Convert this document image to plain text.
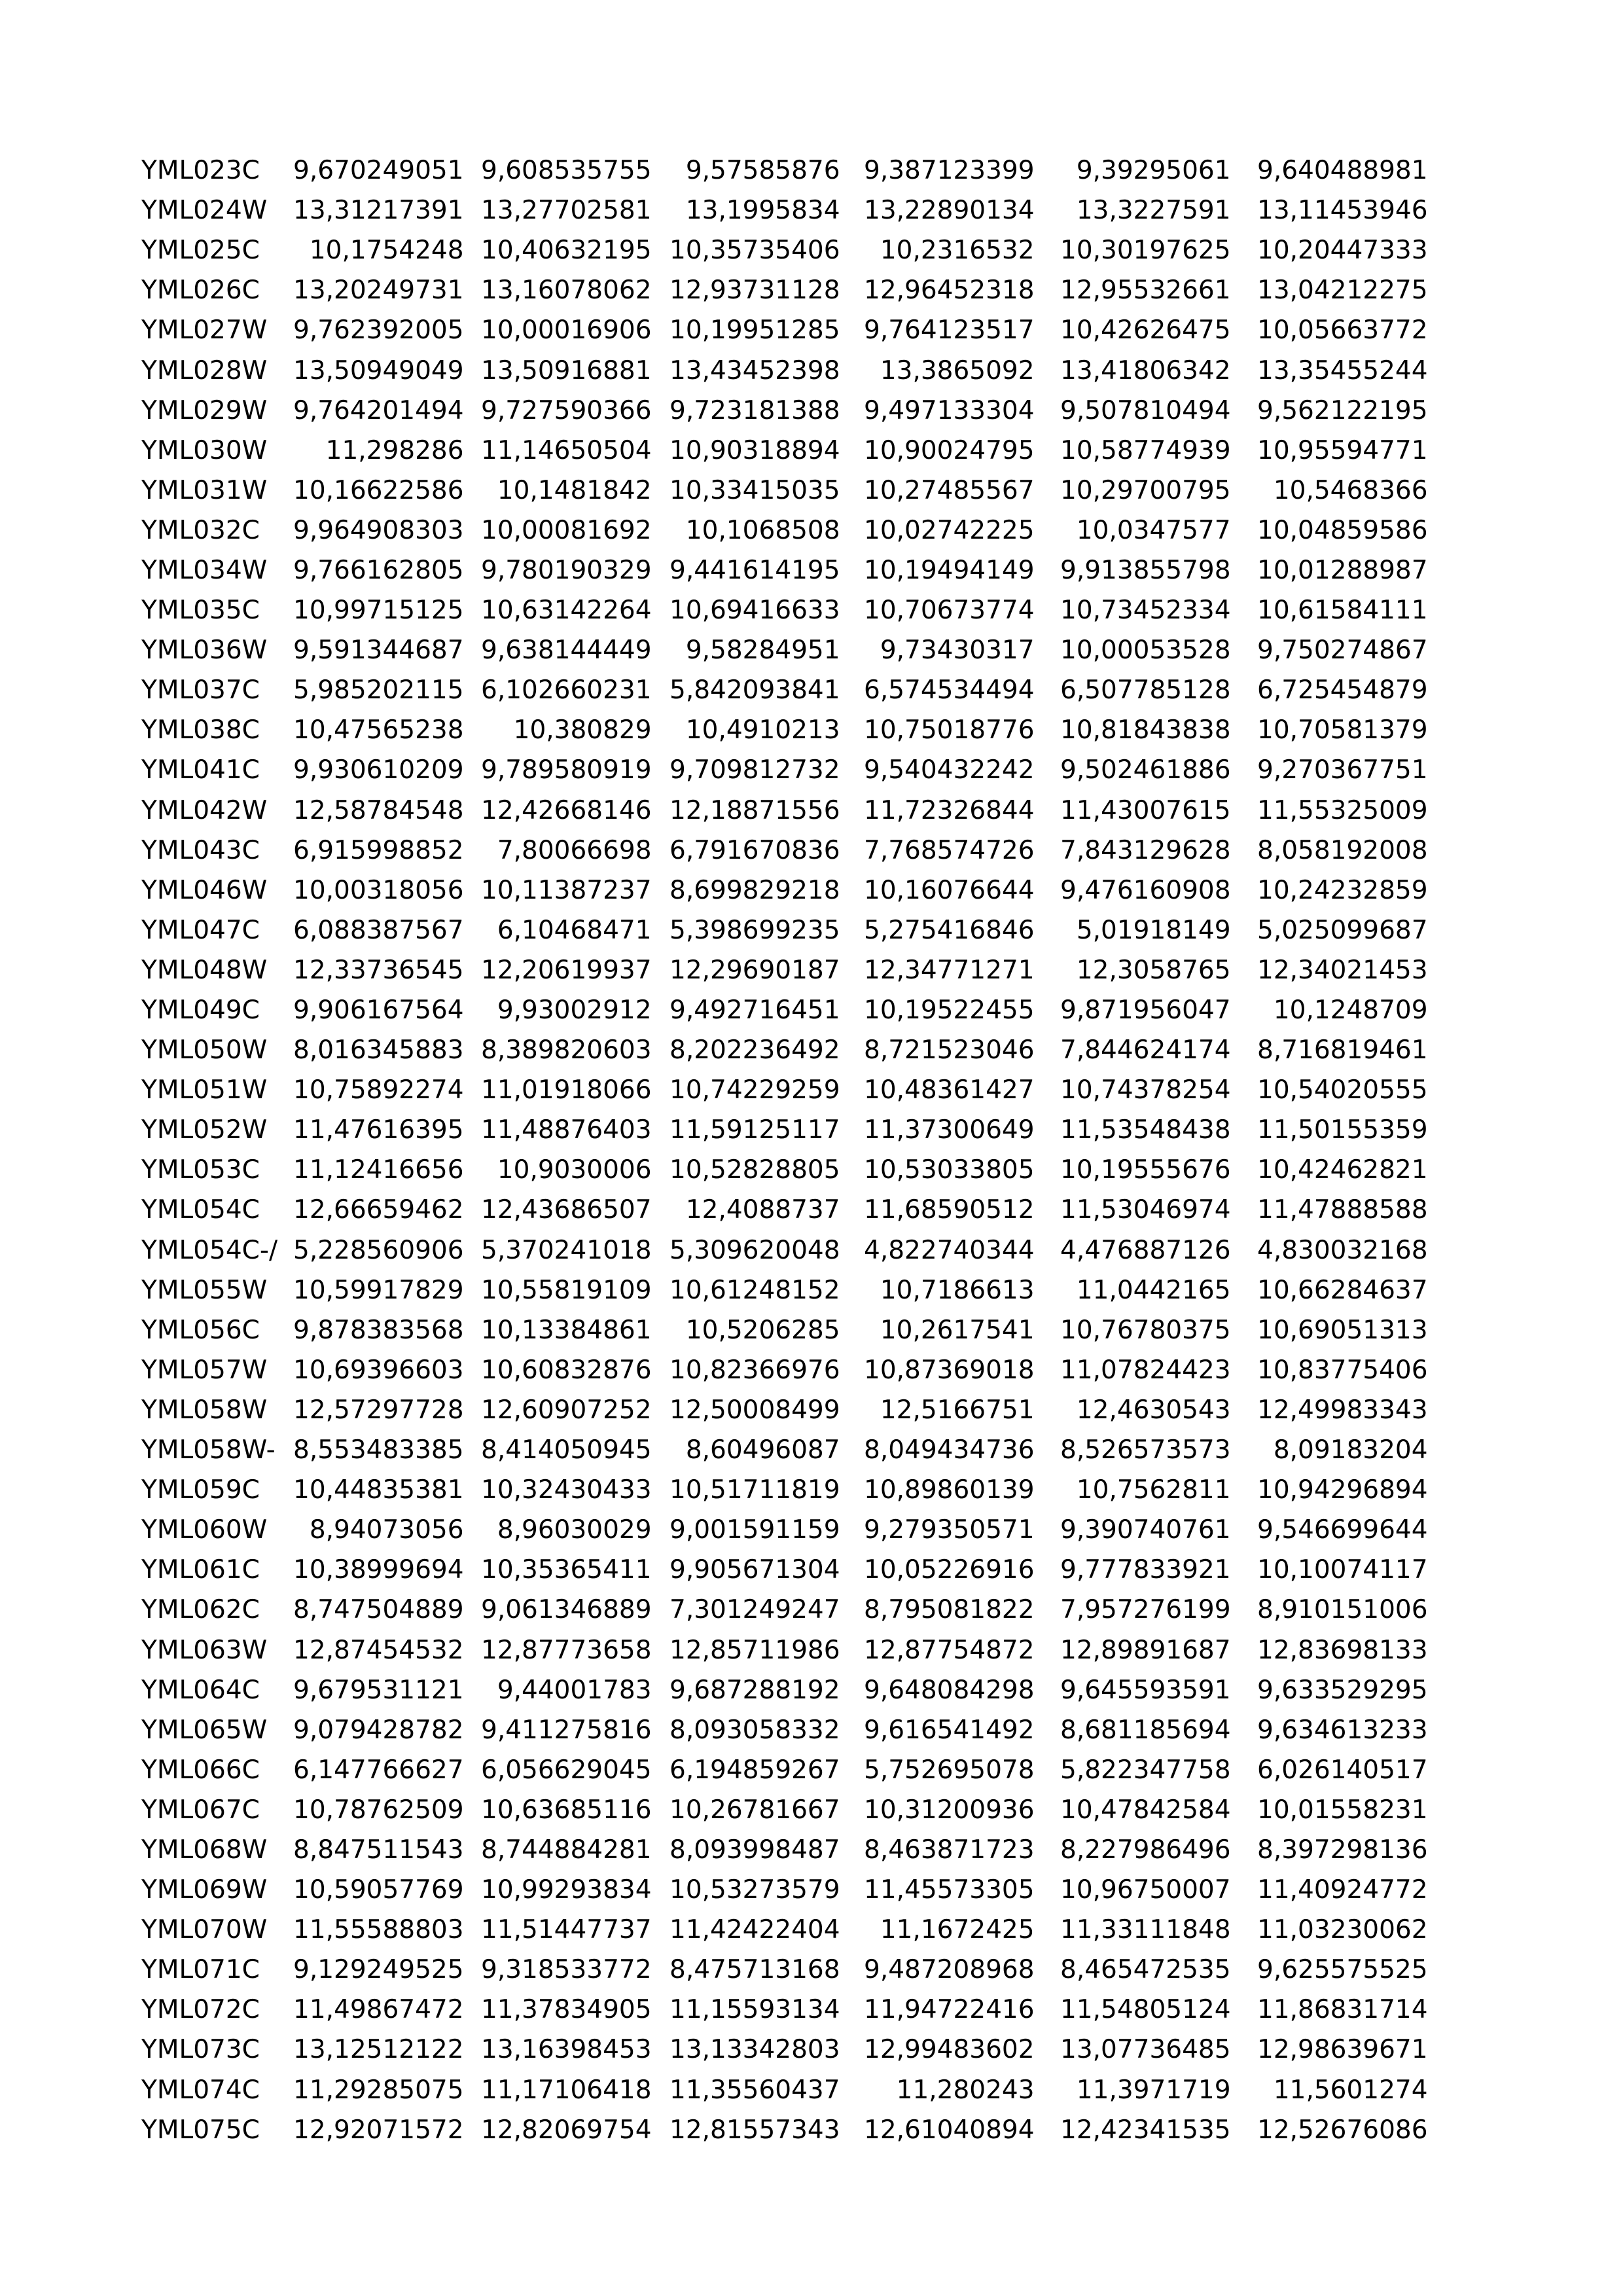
YML023C	9,670249051	9,608535755	9,57585876	9,387123399	9,39295061	9,640488981
YML024W	13,31217391	13,27702581	13,1995834	13,22890134	13,3227591	13,11453946
YML025C	10,1754248	10,40632195	10,35735406	10,2316532	10,30197625	10,20447333
YML026C	13,20249731	13,16078062	12,93731128	12,96452318	12,95532661	13,04212275
YML027W	9,762392005	10,00016906	10,19951285	9,764123517	10,42626475	10,05663772
YML028W	13,50949049	13,50916881	13,43452398	13,3865092	13,41806342	13,35455244
YML029W	9,764201494	9,727590366	9,723181388	9,497133304	9,507810494	9,562122195
YML030W	11,298286	11,14650504	10,90318894	10,90024795	10,58774939	10,95594771
YML031W	10,16622586	10,1481842	10,33415035	10,27485567	10,29700795	10,5468366
YML032C	9,964908303	10,00081692	10,1068508	10,02742225	10,0347577	10,04859586
YML034W	9,766162805	9,780190329	9,441614195	10,19494149	9,913855798	10,01288987
YML035C	10,99715125	10,63142264	10,69416633	10,70673774	10,73452334	10,61584111
YML036W	9,591344687	9,638144449	9,58284951	9,73430317	10,00053528	9,750274867
YML037C	5,985202115	6,102660231	5,842093841	6,574534494	6,507785128	6,725454879
YML038C	10,47565238	10,380829	10,4910213	10,75018776	10,81843838	10,70581379
YML041C	9,930610209	9,789580919	9,709812732	9,540432242	9,502461886	9,270367751
YML042W	12,58784548	12,42668146	12,18871556	11,72326844	11,43007615	11,55325009
YML043C	6,915998852	7,80066698	6,791670836	7,768574726	7,843129628	8,058192008
YML046W	10,00318056	10,11387237	8,699829218	10,16076644	9,476160908	10,24232859
YML047C	6,088387567	6,10468471	5,398699235	5,275416846	5,01918149	5,025099687
YML048W	12,33736545	12,20619937	12,29690187	12,34771271	12,3058765	12,34021453
YML049C	9,906167564	9,93002912	9,492716451	10,19522455	9,871956047	10,1248709
YML050W	8,016345883	8,389820603	8,202236492	8,721523046	7,844624174	8,716819461
YML051W	10,75892274	11,01918066	10,74229259	10,48361427	10,74378254	10,54020555
YML052W	11,47616395	11,48876403	11,59125117	11,37300649	11,53548438	11,50155359
YML053C	11,12416656	10,9030006	10,52828805	10,53033805	10,19555676	10,42462821
YML054C	12,66659462	12,43686507	12,4088737	11,68590512	11,53046974	11,47888588
YML054C-/	5,228560906	5,370241018	5,309620048	4,822740344	4,476887126	4,830032168
YML055W	10,59917829	10,55819109	10,61248152	10,7186613	11,0442165	10,66284637
YML056C	9,878383568	10,13384861	10,5206285	10,2617541	10,76780375	10,69051313
YML057W	10,69396603	10,60832876	10,82366976	10,87369018	11,07824423	10,83775406
YML058W	12,57297728	12,60907252	12,50008499	12,5166751	12,4630543	12,49983343
YML058W-	8,553483385	8,414050945	8,60496087	8,049434736	8,526573573	8,09183204
YML059C	10,44835381	10,32430433	10,51711819	10,89860139	10,7562811	10,94296894
YML060W	8,94073056	8,96030029	9,001591159	9,279350571	9,390740761	9,546699644
YML061C	10,38999694	10,35365411	9,905671304	10,05226916	9,777833921	10,10074117
YML062C	8,747504889	9,061346889	7,301249247	8,795081822	7,957276199	8,910151006
YML063W	12,87454532	12,87773658	12,85711986	12,87754872	12,89891687	12,83698133
YML064C	9,679531121	9,44001783	9,687288192	9,648084298	9,645593591	9,633529295
YML065W	9,079428782	9,411275816	8,093058332	9,616541492	8,681185694	9,634613233
YML066C	6,147766627	6,056629045	6,194859267	5,752695078	5,822347758	6,026140517
YML067C	10,78762509	10,63685116	10,26781667	10,31200936	10,47842584	10,01558231
YML068W	8,847511543	8,744884281	8,093998487	8,463871723	8,227986496	8,397298136
YML069W	10,59057769	10,99293834	10,53273579	11,45573305	10,96750007	11,40924772
YML070W	11,55588803	11,51447737	11,42422404	11,1672425	11,33111848	11,03230062
YML071C	9,129249525	9,318533772	8,475713168	9,487208968	8,465472535	9,625575525
YML072C	11,49867472	11,37834905	11,15593134	11,94722416	11,54805124	11,86831714
YML073C	13,12512122	13,16398453	13,13342803	12,99483602	13,07736485	12,98639671
YML074C	11,29285075	11,17106418	11,35560437	11,280243	11,3971719	11,5601274
YML075C	12,92071572	12,82069754	12,81557343	12,61040894	12,42341535	12,52676086
